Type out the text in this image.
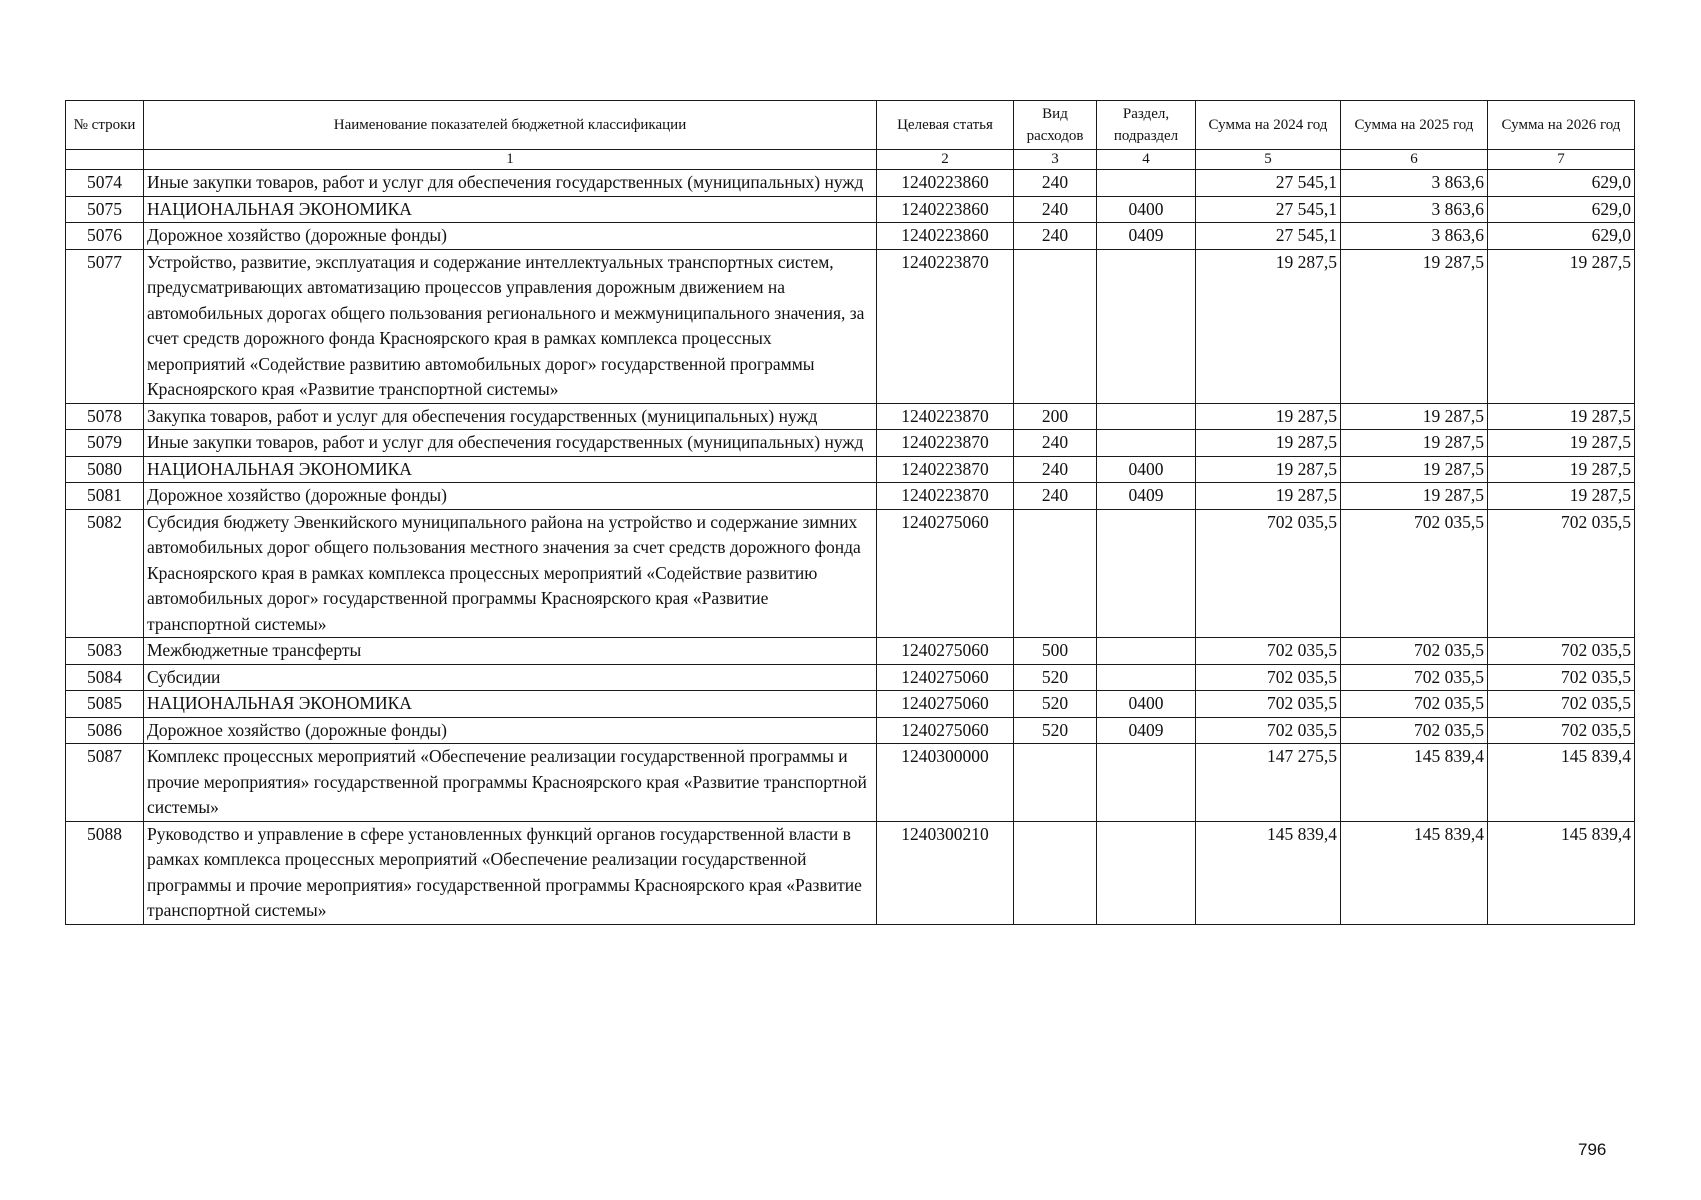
№ строки	Наименование показателей бюджетной классификации	Целевая статья	Вид расходов	Раздел, подраздел	Сумма на 2024 год	Сумма на 2025 год	Сумма на 2026 год
	1	2	3	4	5	6	7
5074	Иные закупки товаров, работ и услуг для обеспечения государственных (муниципальных) нужд	1240223860	240		27 545,1	3 863,6	629,0
5075	НАЦИОНАЛЬНАЯ ЭКОНОМИКА	1240223860	240	0400	27 545,1	3 863,6	629,0
5076	Дорожное хозяйство (дорожные фонды)	1240223860	240	0409	27 545,1	3 863,6	629,0
5077	Устройство, развитие, эксплуатация и содержание интеллектуальных транспортных систем, предусматривающих автоматизацию процессов управления дорожным движением на автомобильных дорогах общего пользования регионального и межмуниципального значения, за счет средств дорожного фонда Красноярского края в рамках комплекса процессных мероприятий «Содействие развитию автомобильных дорог» государственной программы Красноярского края «Развитие транспортной системы»	1240223870			19 287,5	19 287,5	19 287,5
5078	Закупка товаров, работ и услуг для обеспечения государственных (муниципальных) нужд	1240223870	200		19 287,5	19 287,5	19 287,5
5079	Иные закупки товаров, работ и услуг для обеспечения государственных (муниципальных) нужд	1240223870	240		19 287,5	19 287,5	19 287,5
5080	НАЦИОНАЛЬНАЯ ЭКОНОМИКА	1240223870	240	0400	19 287,5	19 287,5	19 287,5
5081	Дорожное хозяйство (дорожные фонды)	1240223870	240	0409	19 287,5	19 287,5	19 287,5
5082	Субсидия бюджету Эвенкийского муниципального района на устройство и содержание зимних автомобильных дорог общего пользования местного значения за счет средств дорожного фонда Красноярского края в рамках комплекса процессных мероприятий «Содействие развитию автомобильных дорог» государственной программы Красноярского края «Развитие транспортной системы»	1240275060			702 035,5	702 035,5	702 035,5
5083	Межбюджетные трансферты	1240275060	500		702 035,5	702 035,5	702 035,5
5084	Субсидии	1240275060	520		702 035,5	702 035,5	702 035,5
5085	НАЦИОНАЛЬНАЯ ЭКОНОМИКА	1240275060	520	0400	702 035,5	702 035,5	702 035,5
5086	Дорожное хозяйство (дорожные фонды)	1240275060	520	0409	702 035,5	702 035,5	702 035,5
5087	Комплекс процессных мероприятий «Обеспечение реализации государственной программы и прочие мероприятия» государственной программы Красноярского края «Развитие транспортной системы»	1240300000			147 275,5	145 839,4	145 839,4
5088	Руководство и управление в сфере установленных функций органов государственной власти в рамках комплекса процессных мероприятий «Обеспечение реализации государственной программы и прочие мероприятия» государственной программы Красноярского края «Развитие транспортной системы»	1240300210			145 839,4	145 839,4	145 839,4
796
